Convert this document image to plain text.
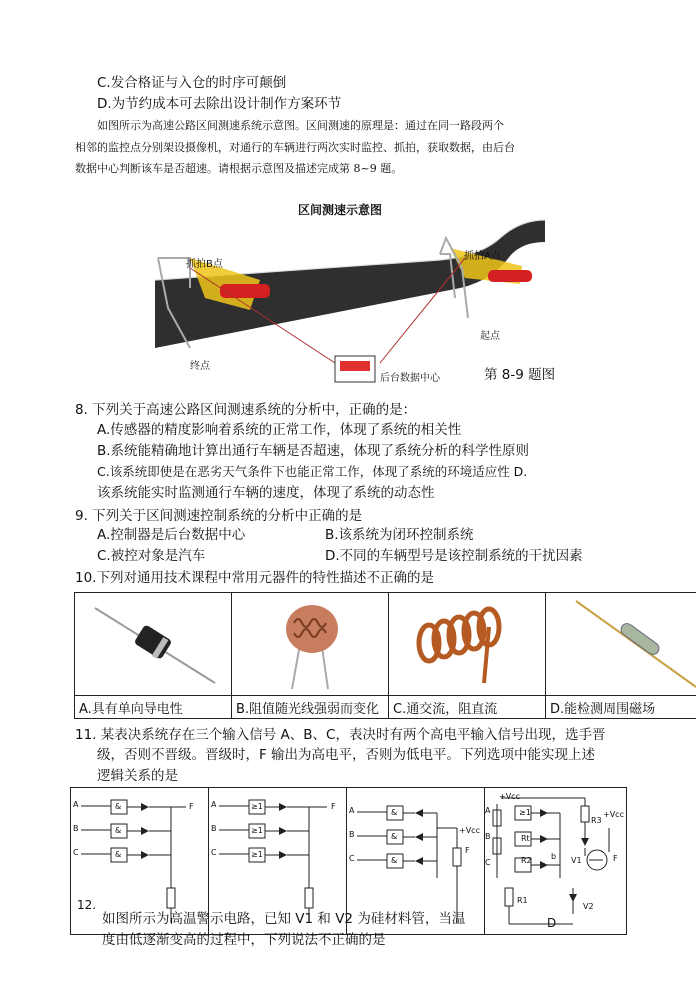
C.发合格证与入仓的时序可颠倒
D.为节约成本可去除出设计制作方案环节
如图所示为高速公路区间测速系统示意图。区间测速的原理是：通过在同一路段两个
相邻的监控点分别架设摄像机，对通行的车辆进行两次实时监控、抓拍，获取数据，由后台
数据中心判断该车是否超速。请根据示意图及描述完成第 8~9 题。
区间测速示意图
抓拍B点
抓拍A点
测速区间
起点
终点
后台数据中心	第 8-9 题图
8. 下列关于高速公路区间测速系统的分析中，正确的是：
A.传感器的精度影响着系统的正常工作，体现了系统的相关性
B.系统能精确地计算出通行车辆是否超速，体现了系统分析的科学性原则
C.该系统即使是在恶劣天气条件下也能正常工作，体现了系统的环境适应性 D.
该系统能实时监测通行车辆的速度，体现了系统的动态性
9. 下列关于区间测速控制系统的分析中正确的是
A.控制器是后台数据中心	B.该系统为闭环控制系统
C.被控对象是汽车	D.不同的车辆型号是该控制系统的干扰因素
10.下列对通用技术课程中常用元器件的特性描述不正确的是

A.具有单向导电性	B.阻值随光线强弱而变化	C.通交流，阻直流	D.能检测周围磁场
11. 某表决系统存在三个输入信号 A、B、C，表决时有两个高电平输入信号出现，选手晋
级，否则不晋级。晋级时，F 输出为高电平，否则为低电平。下列选项中能实现上述
逻辑关系的是
A
B
C
&
&
&
F
12.
A
B
C
≥1
≥1
≥1
F A
B
C
&
&
&
+Vcc
F
+Vcc
+Vcc
A
B
C
≥1
Rt
R2
R3
b V1	F
R1
V2
D
如图所示为高温警示电路，已知 V1 和 V2 为硅材料管，当温
度由低逐渐变高的过程中，下列说法不正确的是
